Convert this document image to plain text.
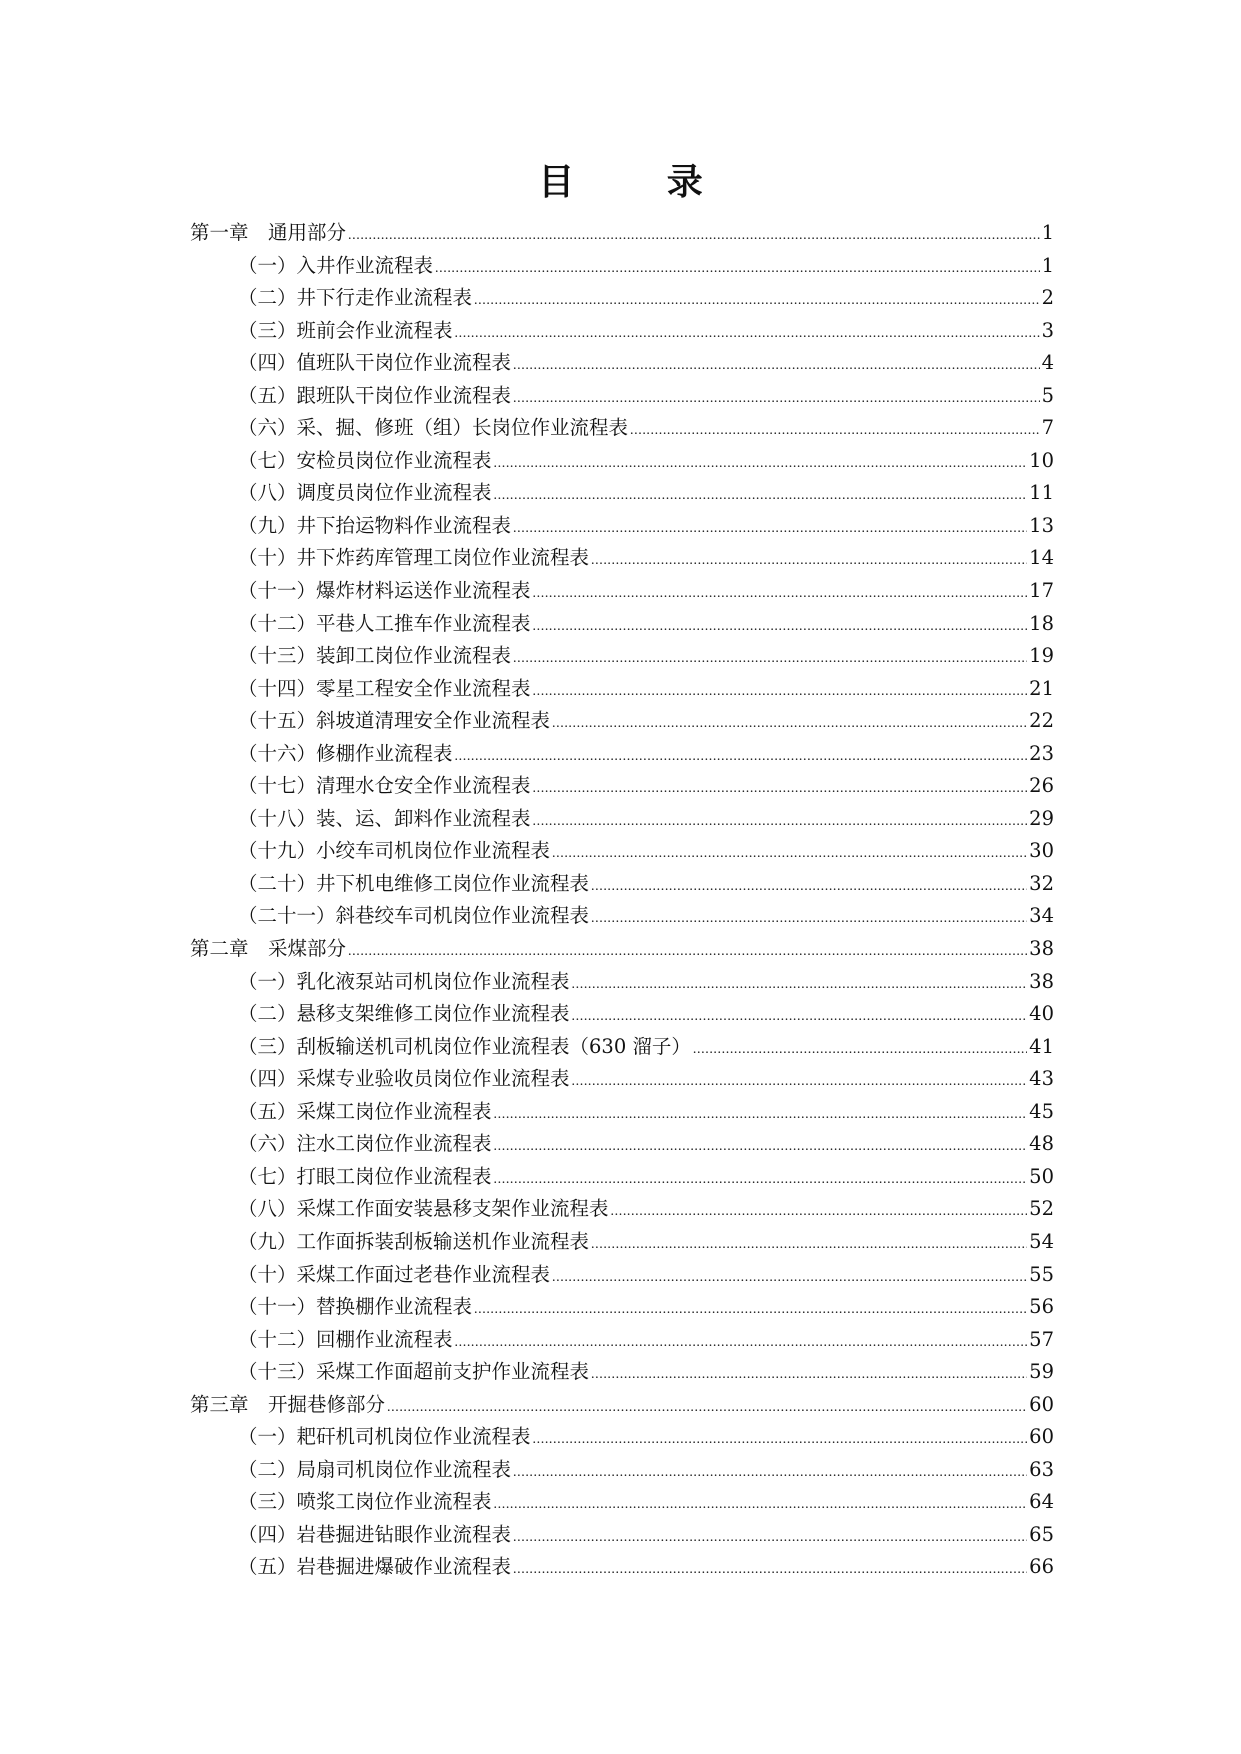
目 录
第一章　通用部分 .....	1
（一）入井作业流程表 .....	1
（二）井下行走作业流程表 .....	2
（三）班前会作业流程表 .....	3
（四）值班队干岗位作业流程表 .....	4
（五）跟班队干岗位作业流程表 .....	5
（六）采、掘、修班（组）长岗位作业流程表 .....	7
（七）安检员岗位作业流程表 .....	10
（八）调度员岗位作业流程表 .....	11
（九）井下抬运物料作业流程表 .....	13
（十）井下炸药库管理工岗位作业流程表 .....	14
（十一）爆炸材料运送作业流程表 .....	17
（十二）平巷人工推车作业流程表 .....	18
（十三）装卸工岗位作业流程表 .....	19
（十四）零星工程安全作业流程表 .....	21
（十五）斜坡道清理安全作业流程表 .....	22
（十六）修棚作业流程表 .....	23
（十七）清理水仓安全作业流程表 .....	26
（十八）装、运、卸料作业流程表 .....	29
（十九）小绞车司机岗位作业流程表 .....	30
（二十）井下机电维修工岗位作业流程表 .....	32
（二十一）斜巷绞车司机岗位作业流程表 .....	34
第二章　采煤部分 .....	38
（一）乳化液泵站司机岗位作业流程表 .....	38
（二）悬移支架维修工岗位作业流程表 .....	40
（三）刮板输送机司机岗位作业流程表（630 溜子） .....	41
（四）采煤专业验收员岗位作业流程表 .....	43
（五）采煤工岗位作业流程表 .....	45
（六）注水工岗位作业流程表 .....	48
（七）打眼工岗位作业流程表 .....	50
（八）采煤工作面安装悬移支架作业流程表 .....	52
（九）工作面拆装刮板输送机作业流程表 .....	54
（十）采煤工作面过老巷作业流程表 .....	55
（十一）替换棚作业流程表 .....	56
（十二）回棚作业流程表 .....	57
（十三）采煤工作面超前支护作业流程表 .....	59
第三章　开掘巷修部分 .....	60
（一）耙矸机司机岗位作业流程表 .....	60
（二）局扇司机岗位作业流程表 .....	63
（三）喷浆工岗位作业流程表 .....	64
（四）岩巷掘进钻眼作业流程表 .....	65
（五）岩巷掘进爆破作业流程表 .....	66
